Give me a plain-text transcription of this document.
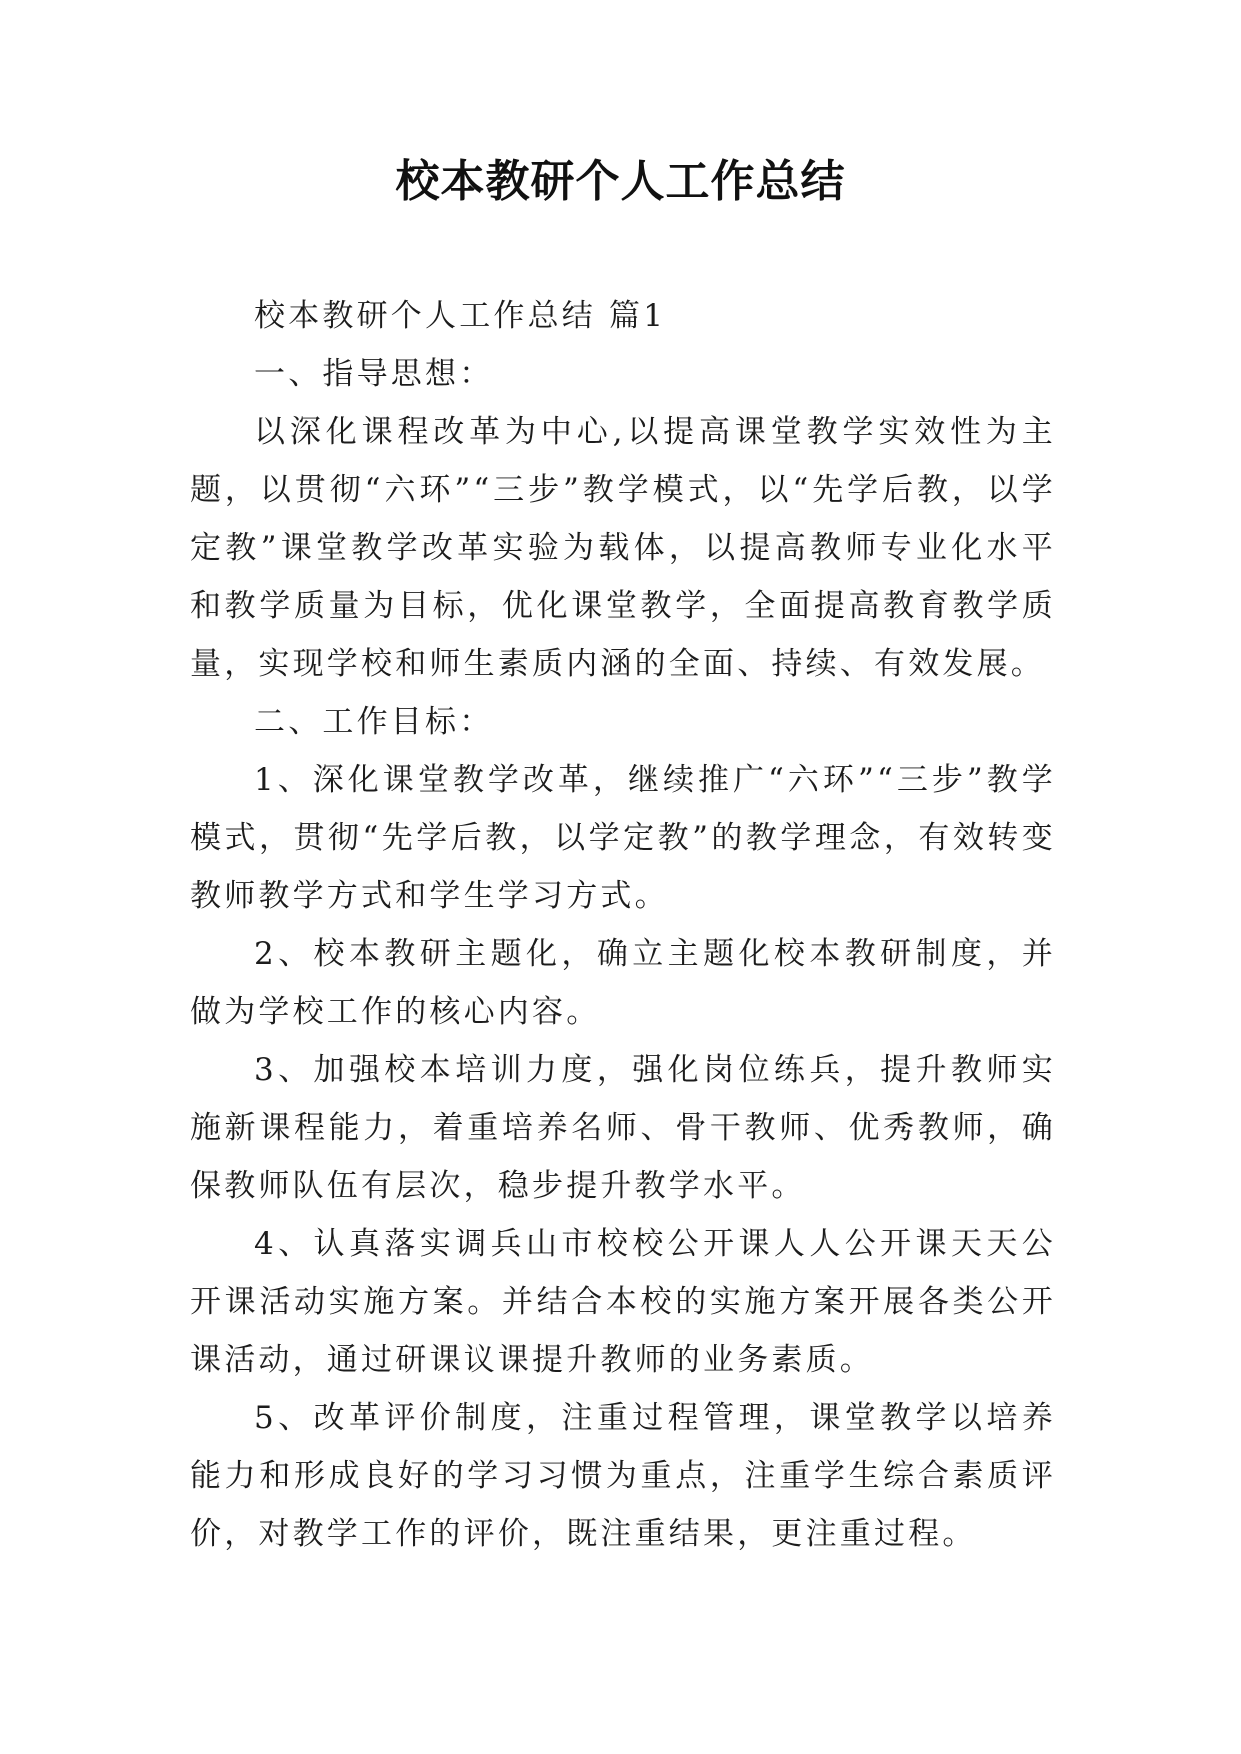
校本教研个人工作总结

校本教研个人工作总结 篇1

一、指导思想：

以深化课程改革为中心,以提高课堂教学实效性为主题，以贯彻“六环”“三步”教学模式，以“先学后教，以学定教”课堂教学改革实验为载体，以提高教师专业化水平和教学质量为目标，优化课堂教学，全面提高教育教学质量，实现学校和师生素质内涵的全面、持续、有效发展。

二、工作目标：

1、深化课堂教学改革，继续推广“六环”“三步”教学模式，贯彻“先学后教，以学定教”的教学理念，有效转变教师教学方式和学生学习方式。

2、校本教研主题化，确立主题化校本教研制度，并做为学校工作的核心内容。

3、加强校本培训力度，强化岗位练兵，提升教师实施新课程能力，着重培养名师、骨干教师、优秀教师，确保教师队伍有层次，稳步提升教学水平。

4、认真落实调兵山市校校公开课人人公开课天天公开课活动实施方案。并结合本校的实施方案开展各类公开课活动，通过研课议课提升教师的业务素质。

5、改革评价制度，注重过程管理，课堂教学以培养能力和形成良好的学习习惯为重点，注重学生综合素质评价，对教学工作的评价，既注重结果，更注重过程。
